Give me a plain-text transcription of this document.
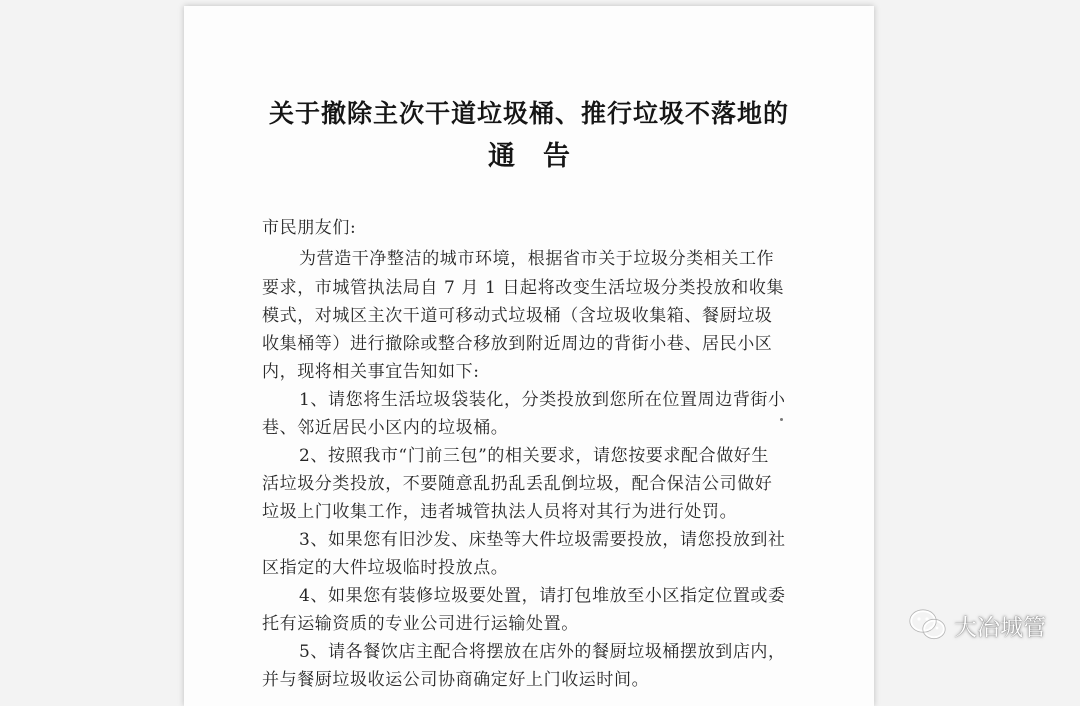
关于撤除主次干道垃圾桶、推行垃圾不落地的
通告
市民朋友们:
为营造干净整洁的城市环境，根据省市关于垃圾分类相关工作
要求，市城管执法局自 7 月 1 日起将改变生活垃圾分类投放和收集
模式，对城区主次干道可移动式垃圾桶（含垃圾收集箱、餐厨垃圾
收集桶等）进行撤除或整合移放到附近周边的背街小巷、居民小区
内，现将相关事宜告知如下:
1、请您将生活垃圾袋装化，分类投放到您所在位置周边背街小
巷、邻近居民小区内的垃圾桶。
2、按照我市“门前三包”的相关要求，请您按要求配合做好生
活垃圾分类投放，不要随意乱扔乱丢乱倒垃圾，配合保洁公司做好
垃圾上门收集工作，违者城管执法人员将对其行为进行处罚。
3、如果您有旧沙发、床垫等大件垃圾需要投放，请您投放到社
区指定的大件垃圾临时投放点。
4、如果您有装修垃圾要处置，请打包堆放至小区指定位置或委
托有运输资质的专业公司进行运输处置。
5、请各餐饮店主配合将摆放在店外的餐厨垃圾桶摆放到店内，
并与餐厨垃圾收运公司协商确定好上门收运时间。
大冶城管
